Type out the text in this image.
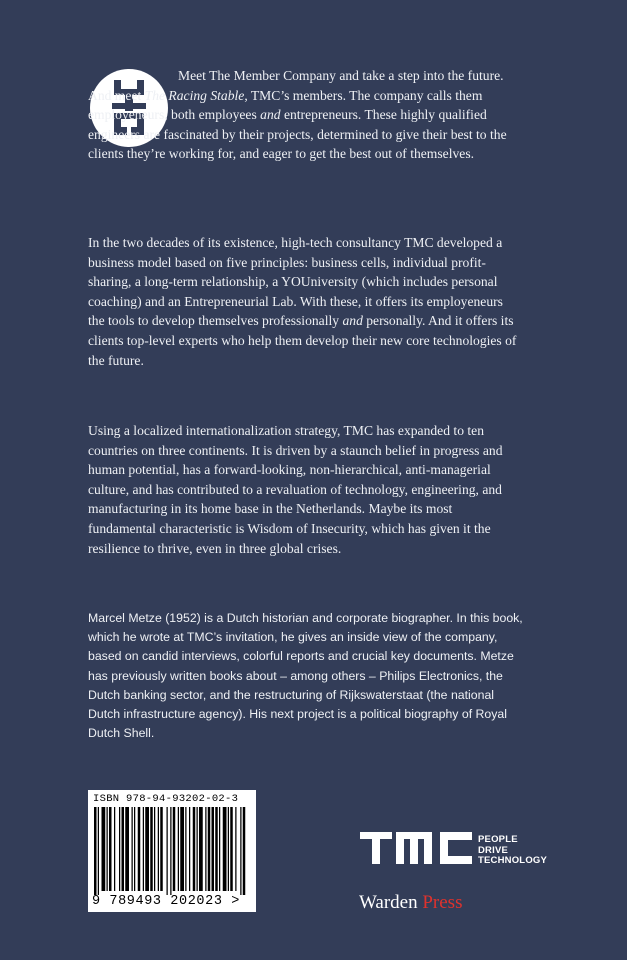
Meet The Member Company and take a step into the future. And meet The Racing Stable, TMC’s members. The company calls them employeneurs, both employees and entrepreneurs. These highly qualified engineers are fascinated by their projects, determined to give their best to the clients they’re working for, and eager to get the best out of themselves.

In the two decades of its existence, high-tech consultancy TMC developed a business model based on five principles: business cells, individual profit-sharing, a long-term relationship, a YOUniversity (which includes personal coaching) and an Entrepreneurial Lab. With these, it offers its employeneurs the tools to develop themselves professionally and personally. And it offers its clients top-level experts who help them develop their new core technologies of the future.

Using a localized internationalization strategy, TMC has expanded to ten countries on three continents. It is driven by a staunch belief in progress and human potential, has a forward-looking, non-hierarchical, anti-managerial culture, and has contributed to a revaluation of technology, engineering, and manufacturing in its home base in the Netherlands. Maybe its most fundamental characteristic is Wisdom of Insecurity, which has given it the resilience to thrive, even in three global crises.

Marcel Metze (1952) is a Dutch historian and corporate biographer. In this book, which he wrote at TMC’s invitation, he gives an inside view of the company, based on candid interviews, colorful reports and crucial key documents. Metze has previously written books about – among others – Philips Electronics, the Dutch banking sector, and the restructuring of Rijkswaterstaat (the national Dutch infrastructure agency). His next project is a political biography of Royal Dutch Shell.

ISBN 978-94-93202-02-3
9 789493 202023 >
PEOPLE
DRIVE
TECHNOLOGY
Warden Press
